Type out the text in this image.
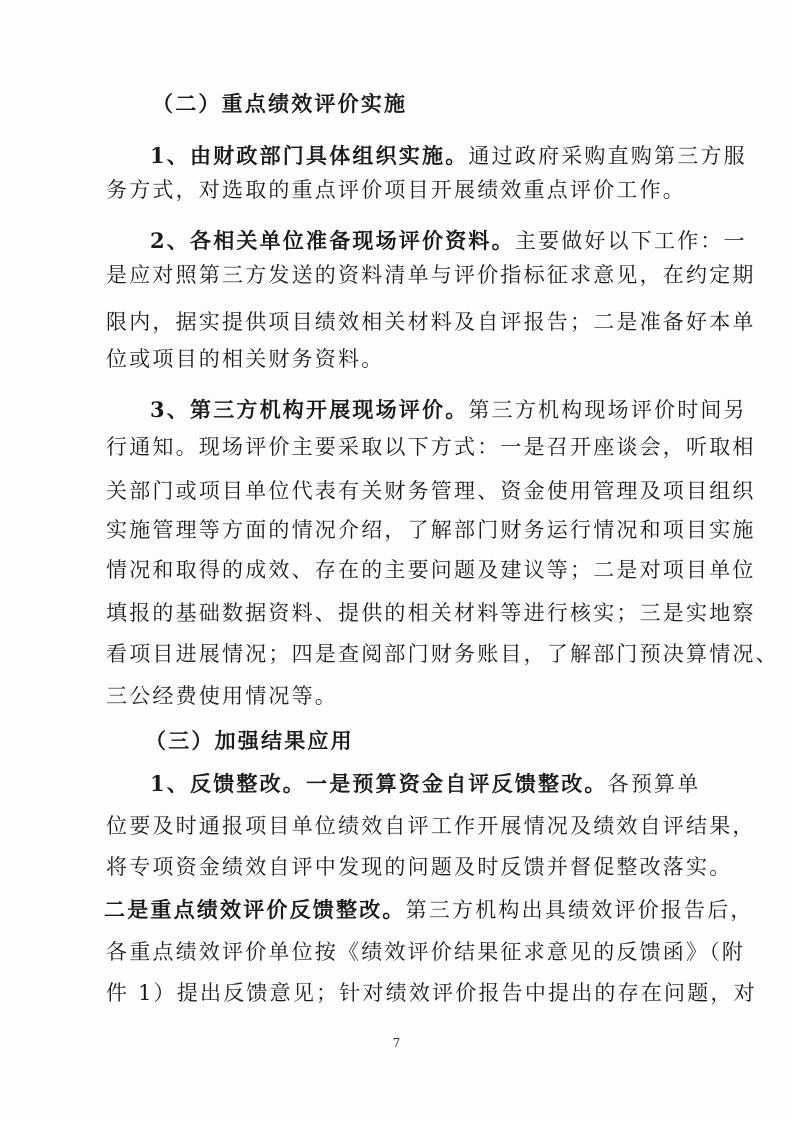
（二）重点绩效评价实施
1、由财政部门具体组织实施。通过政府采购直购第三方服
务方式，对选取的重点评价项目开展绩效重点评价工作。
2、各相关单位准备现场评价资料。主要做好以下工作：一
是应对照第三方发送的资料清单与评价指标征求意见，在约定期
限内，据实提供项目绩效相关材料及自评报告；二是准备好本单
位或项目的相关财务资料。
3、第三方机构开展现场评价。第三方机构现场评价时间另
行通知。现场评价主要采取以下方式：一是召开座谈会，听取相
关部门或项目单位代表有关财务管理、资金使用管理及项目组织
实施管理等方面的情况介绍，了解部门财务运行情况和项目实施
情况和取得的成效、存在的主要问题及建议等；二是对项目单位
填报的基础数据资料、提供的相关材料等进行核实；三是实地察
看项目进展情况；四是查阅部门财务账目，了解部门预决算情况、
三公经费使用情况等。
（三）加强结果应用
1、反馈整改。一是预算资金自评反馈整改。各预算单
位要及时通报项目单位绩效自评工作开展情况及绩效自评结果，
将专项资金绩效自评中发现的问题及时反馈并督促整改落实。
二是重点绩效评价反馈整改。第三方机构出具绩效评价报告后，
各重点绩效评价单位按《绩效评价结果征求意见的反馈函》（附
件 1）提出反馈意见；针对绩效评价报告中提出的存在问题，对
7
